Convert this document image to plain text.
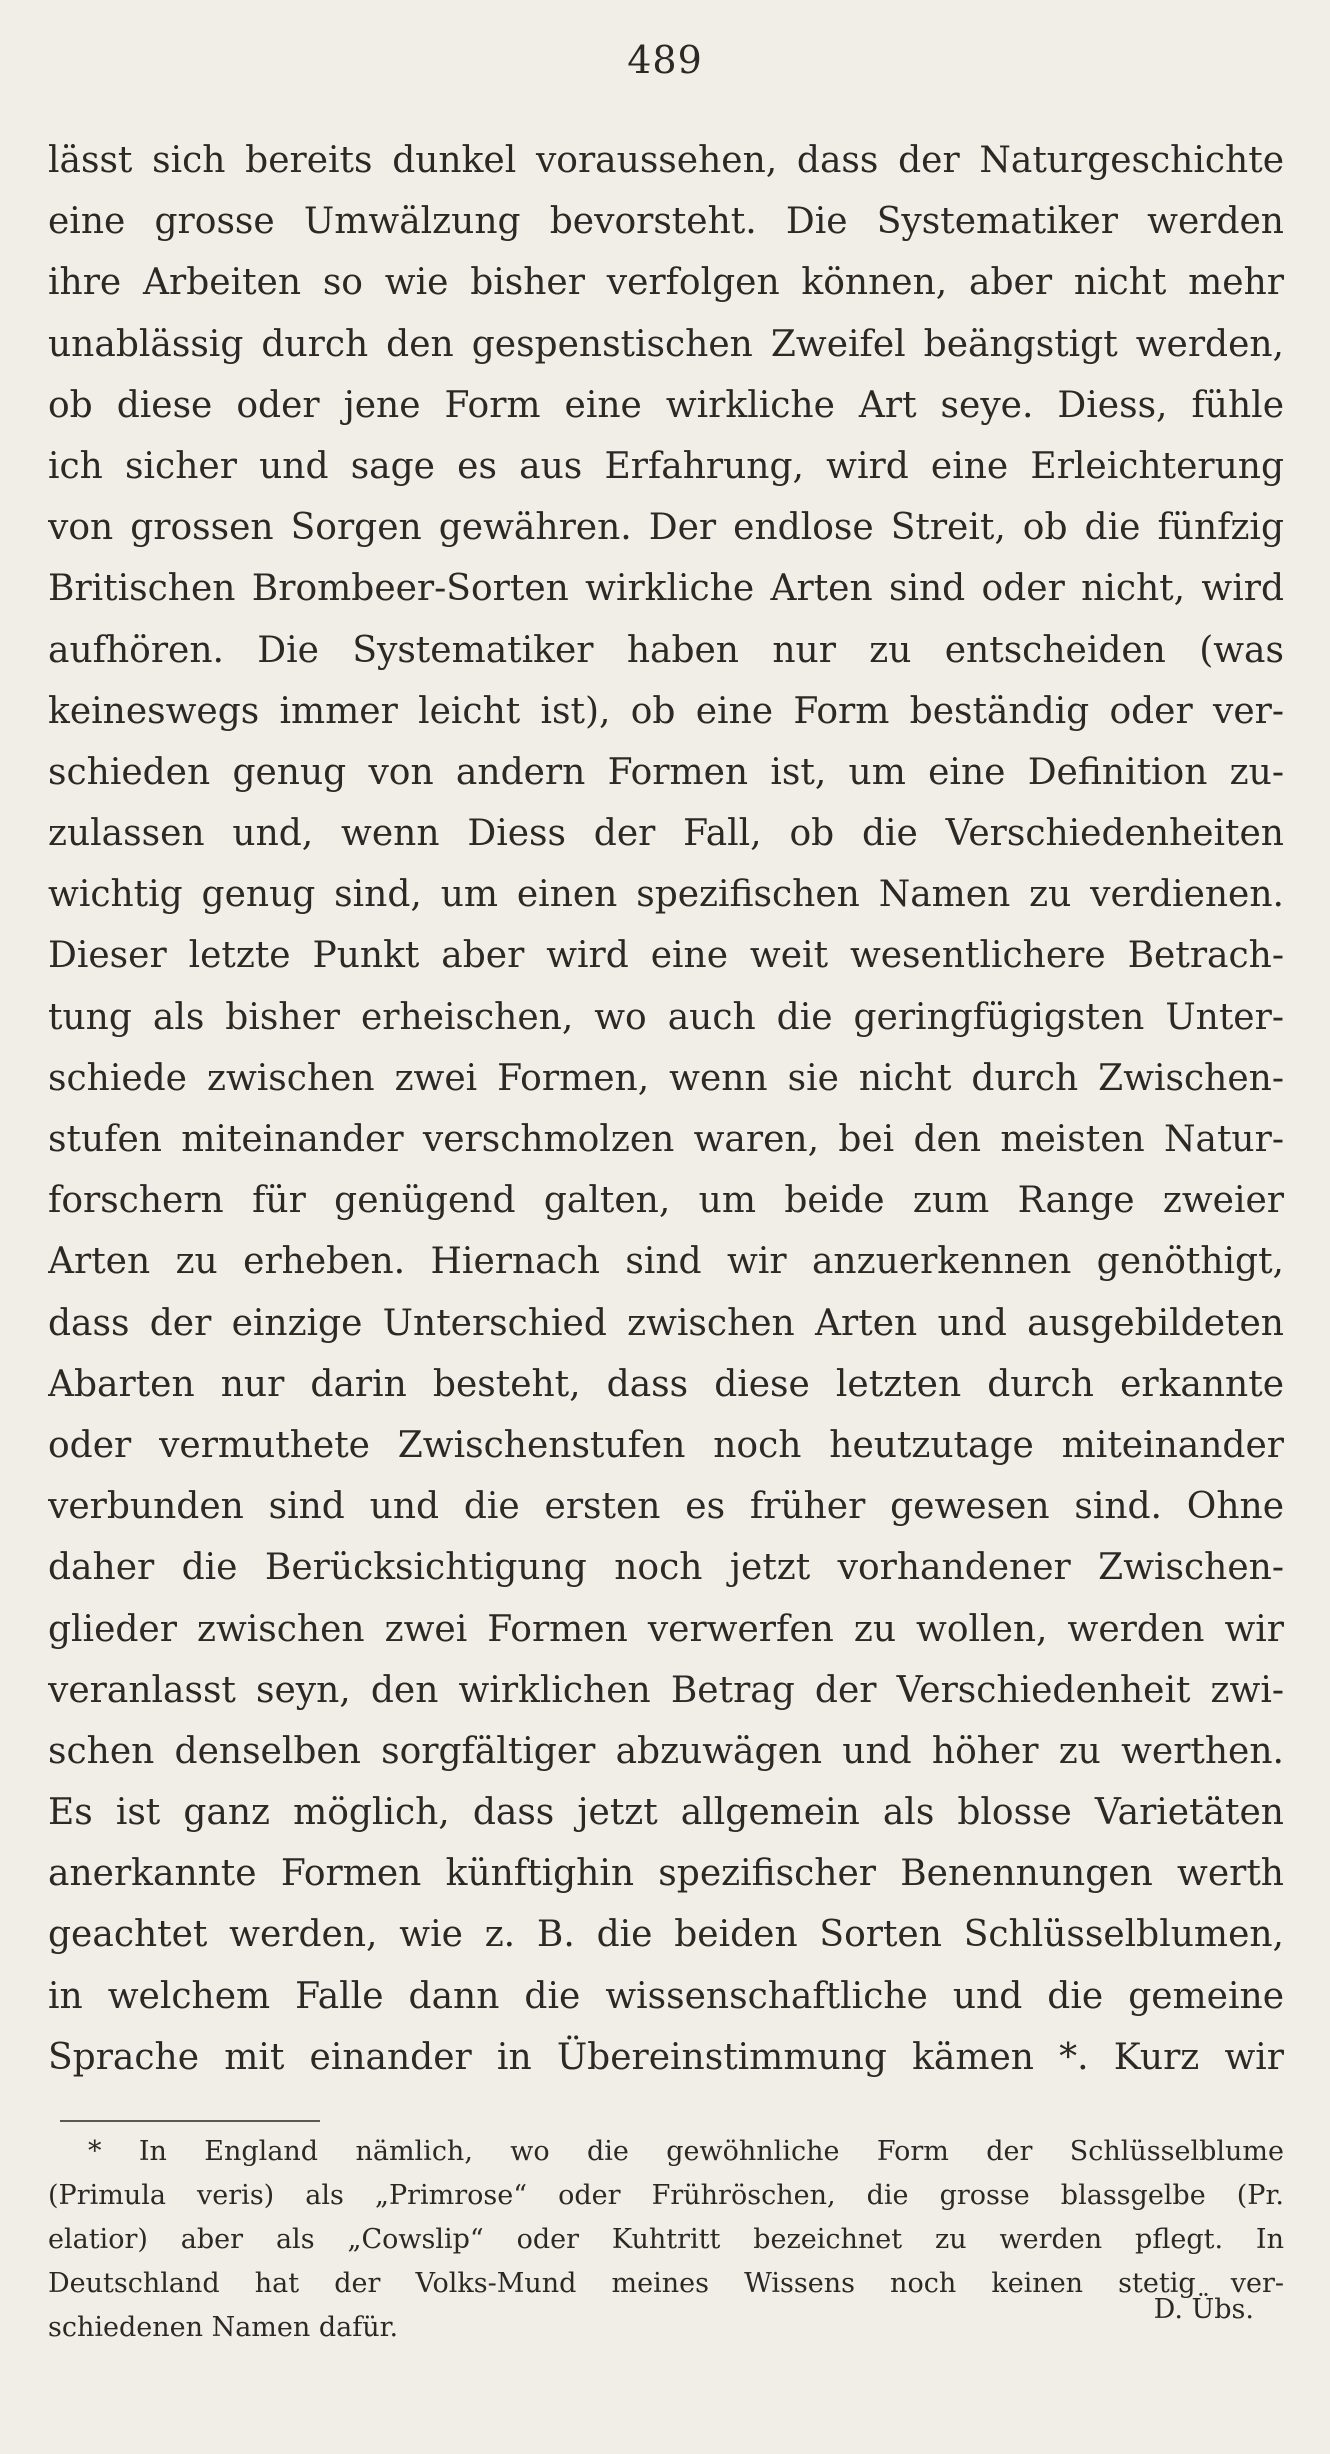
489
lässt sich bereits dunkel voraussehen, dass der Naturgeschichte
eine grosse Umwälzung bevorsteht. Die Systematiker werden
ihre Arbeiten so wie bisher verfolgen können, aber nicht mehr
unablässig durch den gespenstischen Zweifel beängstigt werden,
ob diese oder jene Form eine wirkliche Art seye. Diess, fühle
ich sicher und sage es aus Erfahrung, wird eine Erleichterung
von grossen Sorgen gewähren. Der endlose Streit, ob die fünfzig
Britischen Brombeer-Sorten wirkliche Arten sind oder nicht, wird
aufhören. Die Systematiker haben nur zu entscheiden (was
keineswegs immer leicht ist), ob eine Form beständig oder ver-
schieden genug von andern Formen ist, um eine Definition zu-
zulassen und, wenn Diess der Fall, ob die Verschiedenheiten
wichtig genug sind, um einen spezifischen Namen zu verdienen.
Dieser letzte Punkt aber wird eine weit wesentlichere Betrach-
tung als bisher erheischen, wo auch die geringfügigsten Unter-
schiede zwischen zwei Formen, wenn sie nicht durch Zwischen-
stufen miteinander verschmolzen waren, bei den meisten Natur-
forschern für genügend galten, um beide zum Range zweier
Arten zu erheben. Hiernach sind wir anzuerkennen genöthigt,
dass der einzige Unterschied zwischen Arten und ausgebildeten
Abarten nur darin besteht, dass diese letzten durch erkannte
oder vermuthete Zwischenstufen noch heutzutage miteinander
verbunden sind und die ersten es früher gewesen sind. Ohne
daher die Berücksichtigung noch jetzt vorhandener Zwischen-
glieder zwischen zwei Formen verwerfen zu wollen, werden wir
veranlasst seyn, den wirklichen Betrag der Verschiedenheit zwi-
schen denselben sorgfältiger abzuwägen und höher zu werthen.
Es ist ganz möglich, dass jetzt allgemein als blosse Varietäten
anerkannte Formen künftighin spezifischer Benennungen werth
geachtet werden, wie z. B. die beiden Sorten Schlüsselblumen,
in welchem Falle dann die wissenschaftliche und die gemeine
Sprache mit einander in Übereinstimmung kämen *. Kurz wir
* In England nämlich, wo die gewöhnliche Form der Schlüsselblume
(Primula veris) als „Primrose“ oder Frühröschen, die grosse blassgelbe (Pr.
elatior) aber als „Cowslip“ oder Kuhtritt bezeichnet zu werden pflegt. In
Deutschland hat der Volks-Mund meines Wissens noch keinen stetig ver-
schiedenen Namen dafür.
D. Übs.
